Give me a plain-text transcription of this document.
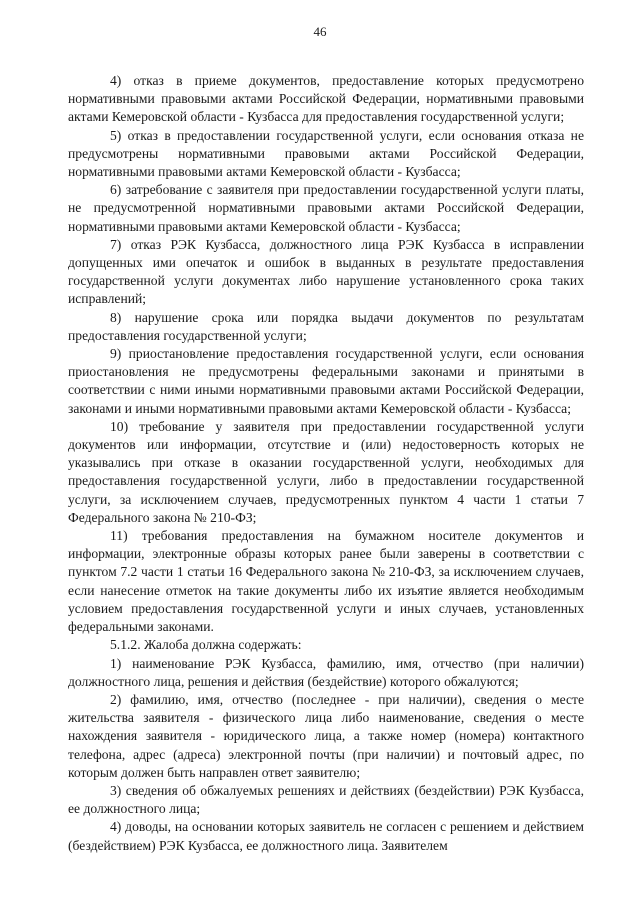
46

4) отказ в приеме документов, предоставление которых предусмотрено нормативными правовыми актами Российской Федерации, нормативными правовыми актами Кемеровской области - Кузбасса для предоставления государственной услуги;

5) отказ в предоставлении государственной услуги, если основания отказа не предусмотрены нормативными правовыми актами Российской Федерации, нормативными правовыми актами Кемеровской области - Кузбасса;

6) затребование с заявителя при предоставлении государственной услуги платы, не предусмотренной нормативными правовыми актами Российской Федерации, нормативными правовыми актами Кемеровской области - Кузбасса;

7) отказ РЭК Кузбасса, должностного лица РЭК Кузбасса в исправлении допущенных ими опечаток и ошибок в выданных в результате предоставления государственной услуги документах либо нарушение установленного срока таких исправлений;

8) нарушение срока или порядка выдачи документов по результатам предоставления государственной услуги;

9) приостановление предоставления государственной услуги, если основания приостановления не предусмотрены федеральными законами и принятыми в соответствии с ними иными нормативными правовыми актами Российской Федерации, законами и иными нормативными правовыми актами Кемеровской области - Кузбасса;

10) требование у заявителя при предоставлении государственной услуги документов или информации, отсутствие и (или) недостоверность которых не указывались при отказе в оказании государственной услуги, необходимых для предоставления государственной услуги, либо в предоставлении государственной услуги, за исключением случаев, предусмотренных пунктом 4 части 1 статьи 7 Федерального закона № 210-ФЗ;

11) требования предоставления на бумажном носителе документов и информации, электронные образы которых ранее были заверены в соответствии с пунктом 7.2 части 1 статьи 16 Федерального закона № 210-ФЗ, за исключением случаев, если нанесение отметок на такие документы либо их изъятие является необходимым условием предоставления государственной услуги и иных случаев, установленных федеральными законами.

5.1.2. Жалоба должна содержать:

1) наименование РЭК Кузбасса, фамилию, имя, отчество (при наличии) должностного лица, решения и действия (бездействие) которого обжалуются;

2) фамилию, имя, отчество (последнее - при наличии), сведения о месте жительства заявителя - физического лица либо наименование, сведения о месте нахождения заявителя - юридического лица, а также номер (номера) контактного телефона, адрес (адреса) электронной почты (при наличии) и почтовый адрес, по которым должен быть направлен ответ заявителю;

3) сведения об обжалуемых решениях и действиях (бездействии) РЭК Кузбасса, ее должностного лица;

4) доводы, на основании которых заявитель не согласен с решением и действием (бездействием) РЭК Кузбасса, ее должностного лица. Заявителем
